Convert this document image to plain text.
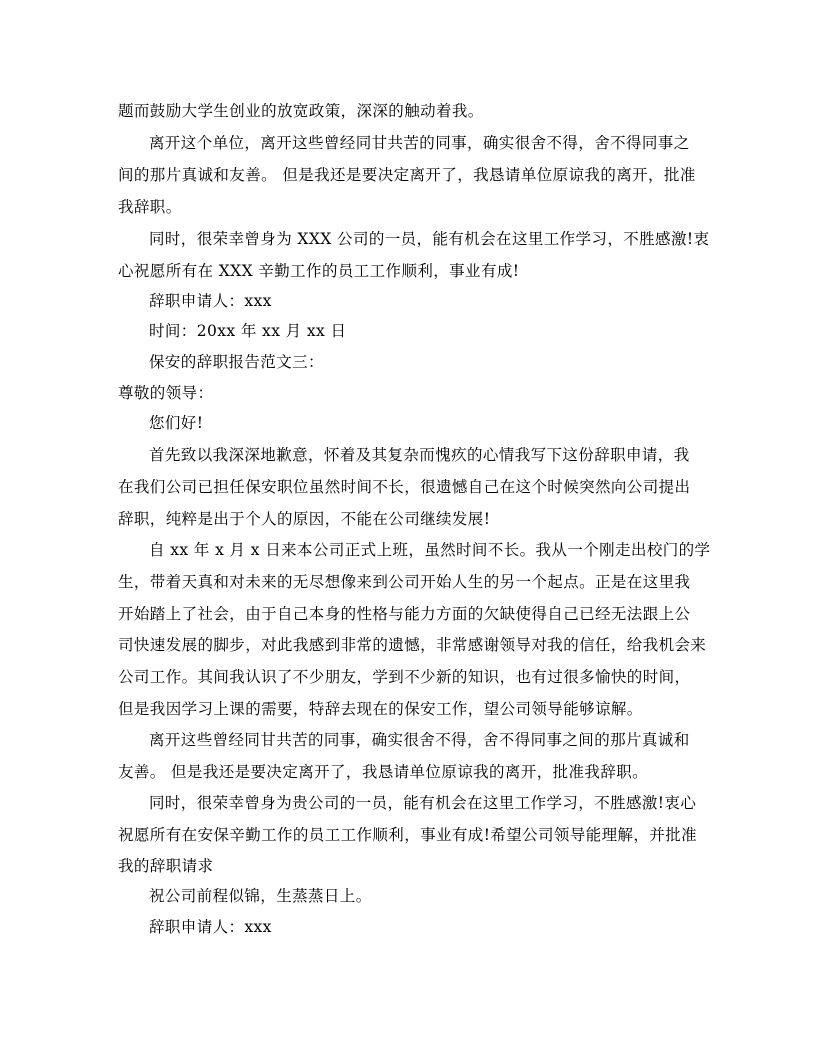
题而鼓励大学生创业的放宽政策，深深的触动着我。
离开这个单位，离开这些曾经同甘共苦的同事，确实很舍不得，舍不得同事之
间的那片真诚和友善。 但是我还是要决定离开了，我恳请单位原谅我的离开，批准
我辞职。
同时，很荣幸曾身为 XXX 公司的一员，能有机会在这里工作学习，不胜感激!衷
心祝愿所有在 XXX 辛勤工作的员工工作顺利，事业有成!
辞职申请人：xxx
时间：20xx 年 xx 月 xx 日
保安的辞职报告范文三：
尊敬的领导：
您们好!
首先致以我深深地歉意，怀着及其复杂而愧疚的心情我写下这份辞职申请，我
在我们公司已担任保安职位虽然时间不长，很遗憾自己在这个时候突然向公司提出
辞职，纯粹是出于个人的原因，不能在公司继续发展!
自 xx 年 x 月 x 日来本公司正式上班，虽然时间不长。我从一个刚走出校门的学
生，带着天真和对未来的无尽想像来到公司开始人生的另一个起点。正是在这里我
开始踏上了社会，由于自己本身的性格与能力方面的欠缺使得自己已经无法跟上公
司快速发展的脚步，对此我感到非常的遗憾，非常感谢领导对我的信任，给我机会来
公司工作。其间我认识了不少朋友，学到不少新的知识，也有过很多愉快的时间，
但是我因学习上课的需要，特辞去现在的保安工作，望公司领导能够谅解。
离开这些曾经同甘共苦的同事，确实很舍不得，舍不得同事之间的那片真诚和
友善。 但是我还是要决定离开了，我恳请单位原谅我的离开，批准我辞职。
同时，很荣幸曾身为贵公司的一员，能有机会在这里工作学习，不胜感激!衷心
祝愿所有在安保辛勤工作的员工工作顺利，事业有成!希望公司领导能理解，并批准
我的辞职请求
祝公司前程似锦，生蒸蒸日上。
辞职申请人：xxx
